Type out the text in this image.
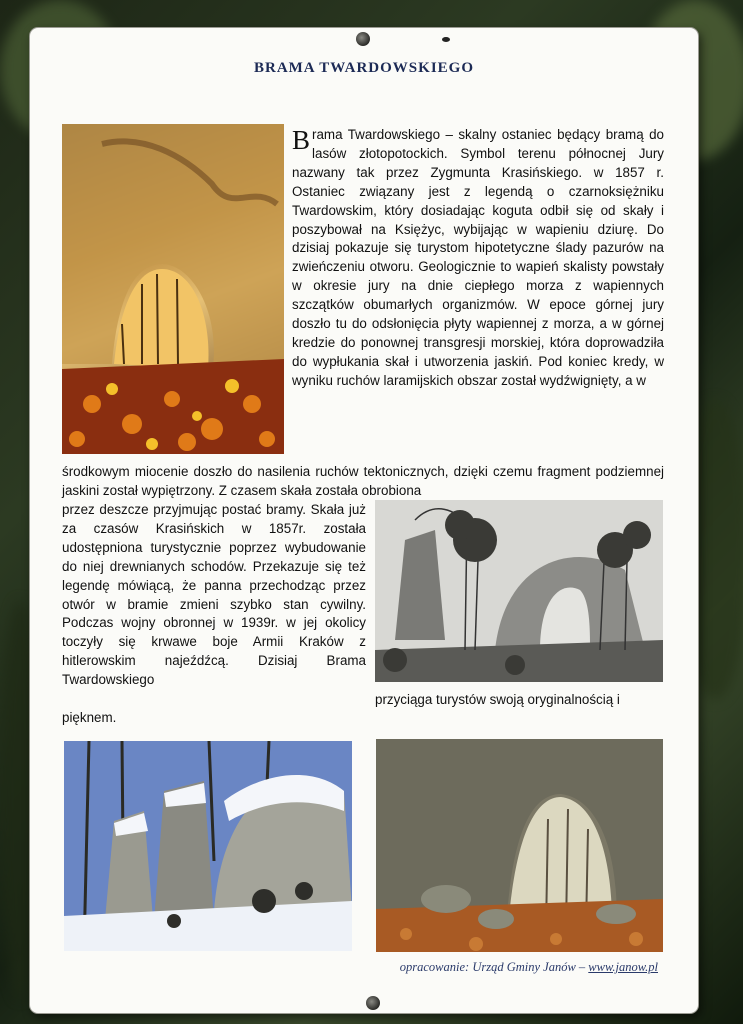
BRAMA TWARDOWSKIEGO

Brama Twardowskiego – skalny ostaniec będący bramą do lasów złotopotockich. Symbol terenu północnej Jury nazwany tak przez Zygmunta Krasińskiego. w 1857 r. Ostaniec związany jest z legendą o czarnoksiężniku Twardowskim, który dosiadając koguta odbił się od skały i poszybował na Księżyc, wybijając w wapieniu dziurę. Do dzisiaj pokazuje się turystom hipotetyczne ślady pazurów na zwieńczeniu otworu. Geologicznie to wapień skalisty powstały w okresie jury na dnie ciepłego morza z wapiennych szczątków obumarłych organizmów. W epoce górnej jury doszło tu do odsłonięcia płyty wapiennej z morza, a w górnej kredzie do ponownej transgresji morskiej, która doprowadziła do wypłukania skał i utworzenia jaskiń. Pod koniec kredy, w wyniku ruchów laramijskich obszar został wydźwignięty, a w

środkowym miocenie doszło do nasilenia ruchów tektonicznych, dzięki czemu fragment podziemnej jaskini został wypiętrzony. Z czasem skała została obrobiona

przez deszcze przyjmując postać bramy. Skała już za czasów Krasińskich w 1857r. została udostępniona turystycznie poprzez wybudowanie do niej drewnianych schodów. Przekazuje się też legendę mówiącą, że panna przechodząc przez otwór w bramie zmieni szybko stan cywilny. Podczas wojny obronnej w 1939r. w jej okolicy toczyły się krwawe boje Armii Kraków z hitlerowskim najeźdźcą. Dzisiaj Brama Twardowskiego

przyciąga turystów swoją oryginalnością i

pięknem.

opracowanie: Urząd Gminy Janów – www.janow.pl
